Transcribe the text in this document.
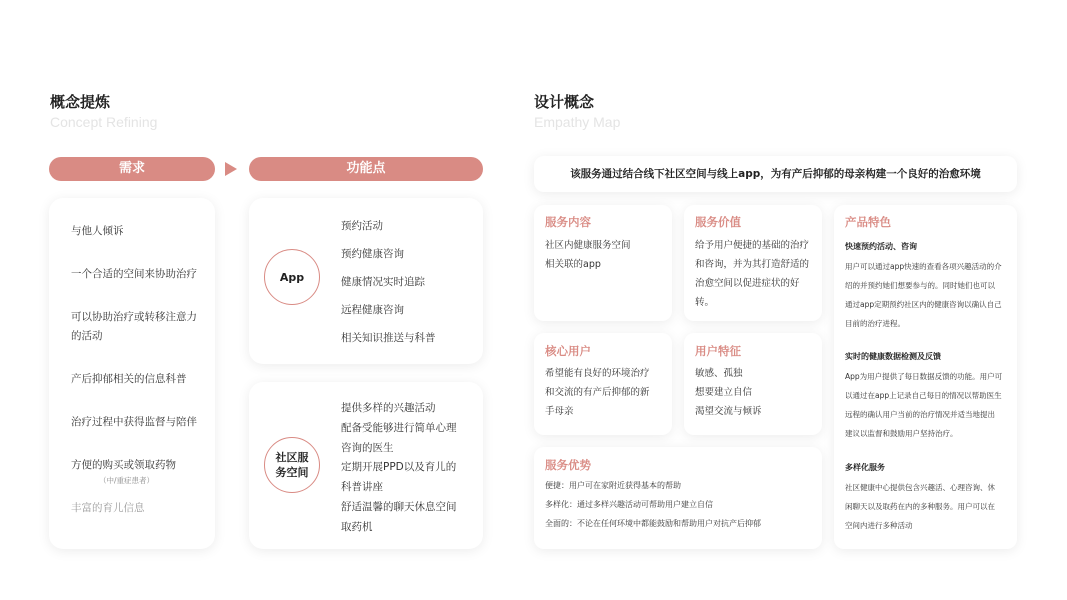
概念提炼
Concept Refining
需求	功能点
与他人倾诉
一个合适的空间来协助治疗
可以协助治疗或转移注意力
的活动
产后抑郁相关的信息科普
治疗过程中获得监督与陪伴
方便的购买或领取药物
（中/重症患者）
丰富的育儿信息
App
预约活动
预约健康咨询
健康情况实时追踪
远程健康咨询
相关知识推送与科普
社区服
务空间
提供多样的兴趣活动
配备受能够进行简单心理
咨询的医生
定期开展PPD以及育儿的
科普讲座
舒适温馨的聊天休息空间
取药机
设计概念
Empathy Map
该服务通过结合线下社区空间与线上app，为有产后抑郁的母亲构建一个良好的治愈环境
服务内容
社区内健康服务空间
相关联的app
服务价值
给予用户便捷的基础的治疗
和咨询，并为其打造舒适的
治愈空间以促进症状的好
转。
核心用户
希望能有良好的环境治疗
和交流的有产后抑郁的新
手母亲
用户特征
敏感、孤独
想要建立自信
渴望交流与倾诉
服务优势
便捷：用户可在家附近获得基本的帮助
多样化：通过多样兴趣活动可帮助用户建立自信
全面的：不论在任何环境中都能鼓励和帮助用户对抗产后抑郁
产品特色
快速预约活动、咨询
用户可以通过app快速的查看各项兴趣活动的介
绍的并预约她们想要参与的。同时她们也可以
通过app定期预约社区内的健康咨询以确认自己
目前的治疗进程。
实时的健康数据检测及反馈
App为用户提供了每日数据反馈的功能。用户可
以通过在app上记录自己每日的情况以帮助医生
远程的确认用户当前的治疗情况并适当地提出
建议以监督和鼓励用户坚持治疗。
多样化服务
社区健康中心提供包含兴趣活、心理咨询、休
闲聊天以及取药在内的多种服务。用户可以在
空间内进行多种活动
